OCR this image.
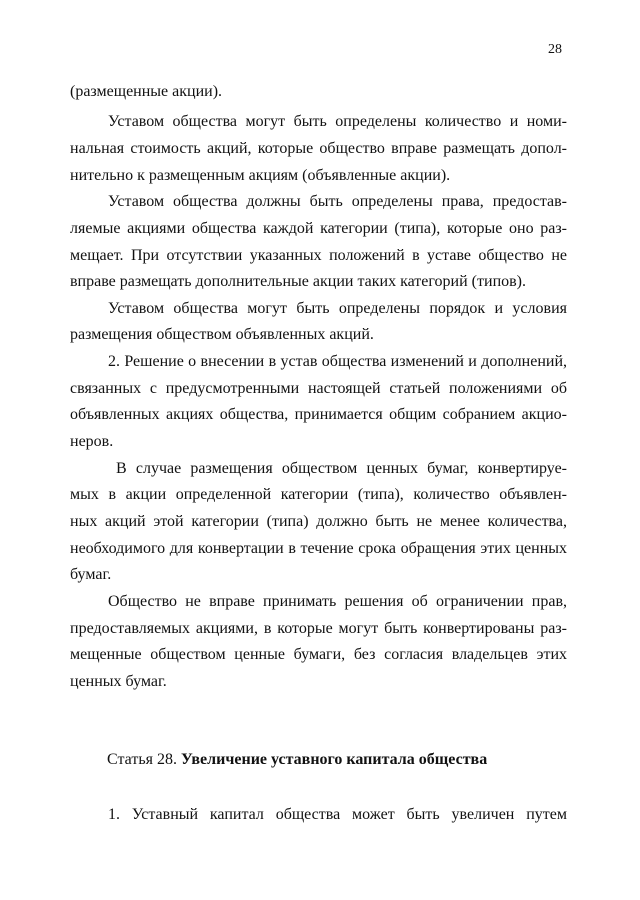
28
(размещенные акции).
Уставом общества могут быть определены количество и номи-
нальная стоимость акций, которые общество вправе размещать допол-
нительно к размещенным акциям (объявленные акции).
Уставом общества должны быть определены права, предостав-
ляемые акциями общества каждой категории (типа), которые оно раз-
мещает. При отсутствии указанных положений в уставе общество не
вправе размещать дополнительные акции таких категорий (типов).
Уставом общества могут быть определены порядок и условия
размещения обществом объявленных акций.
2. Решение о внесении в устав общества изменений и дополнений,
связанных с предусмотренными настоящей статьей положениями об
объявленных акциях общества, принимается общим собранием акцио-
неров.
В случае размещения обществом ценных бумаг, конвертируе-
мых в акции определенной категории (типа), количество объявлен-
ных акций этой категории (типа) должно быть не менее количества,
необходимого для конвертации в течение срока обращения этих ценных
бумаг.
Общество не вправе принимать решения об ограничении прав,
предоставляемых акциями, в которые могут быть конвертированы раз-
мещенные обществом ценные бумаги, без согласия владельцев этих
ценных бумаг.
1. Уставный капитал общества может быть увеличен путем
Статья 28. Увеличение уставного капитала общества
